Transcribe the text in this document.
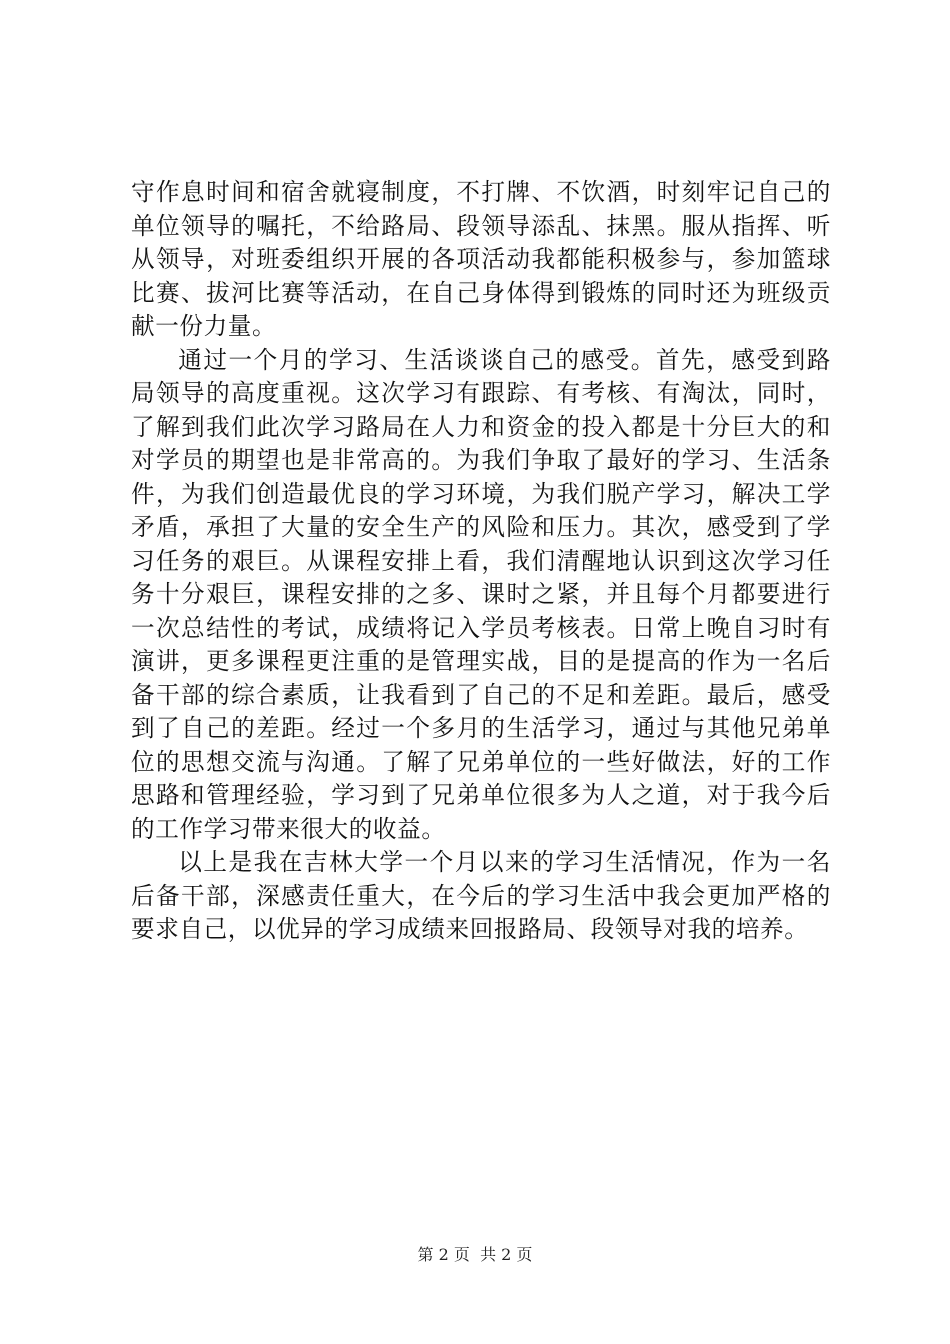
守作息时间和宿舍就寝制度，不打牌、不饮酒，时刻牢记自己的单位领导的嘱托，不给路局、段领导添乱、抹黑。服从指挥、听从领导，对班委组织开展的各项活动我都能积极参与，参加篮球比赛、拔河比赛等活动，在自己身体得到锻炼的同时还为班级贡献一份力量。

通过一个月的学习、生活谈谈自己的感受。首先，感受到路局领导的高度重视。这次学习有跟踪、有考核、有淘汰，同时，了解到我们此次学习路局在人力和资金的投入都是十分巨大的和对学员的期望也是非常高的。为我们争取了最好的学习、生活条件，为我们创造最优良的学习环境，为我们脱产学习，解决工学矛盾，承担了大量的安全生产的风险和压力。其次，感受到了学习任务的艰巨。从课程安排上看，我们清醒地认识到这次学习任务十分艰巨，课程安排的之多、课时之紧，并且每个月都要进行一次总结性的考试，成绩将记入学员考核表。日常上晚自习时有演讲，更多课程更注重的是管理实战，目的是提高的作为一名后备干部的综合素质，让我看到了自己的不足和差距。最后，感受到了自己的差距。经过一个多月的生活学习，通过与其他兄弟单位的思想交流与沟通。了解了兄弟单位的一些好做法，好的工作思路和管理经验，学习到了兄弟单位很多为人之道，对于我今后的工作学习带来很大的收益。

以上是我在吉林大学一个月以来的学习生活情况，作为一名后备干部，深感责任重大，在今后的学习生活中我会更加严格的要求自己，以优异的学习成绩来回报路局、段领导对我的培养。

第 2 页  共 2 页
